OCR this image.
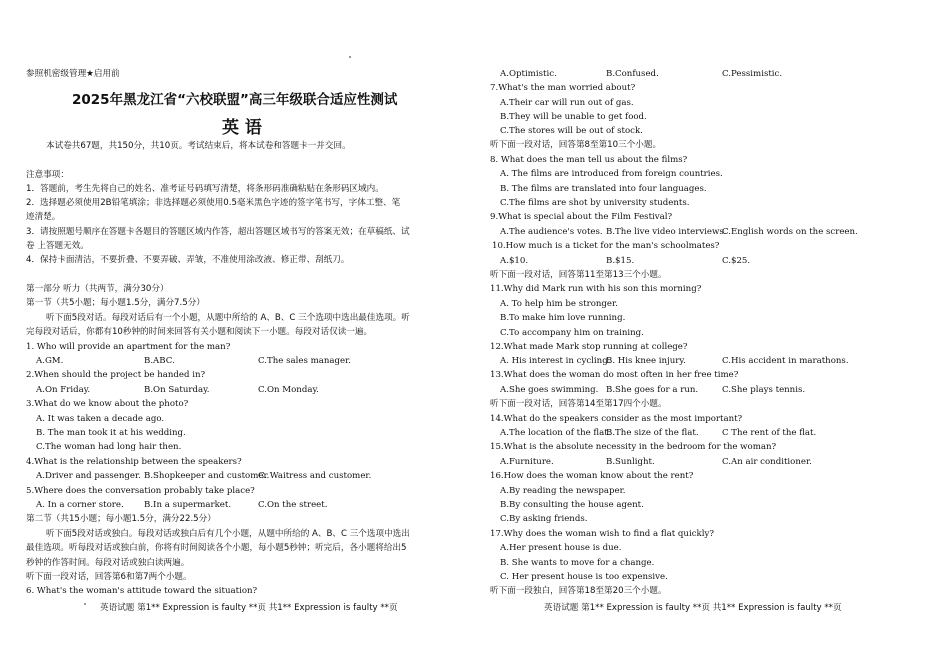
参照机密级管理★启用前
2025年黑龙江省“六校联盟”高三年级联合适应性测试
英 语
本试卷共67题，共150分，共10页。考试结束后，将本试卷和答题卡一并交回。
注意事项：
1．答题前，考生先将自己的姓名、准考证号码填写清楚，将条形码准确粘贴在条形码区域内。
2．选择题必须使用2B铅笔填涂；非选择题必须使用0.5毫米黑色字迹的签字笔书写，字体工整、笔
迹清楚。
3．请按照题号顺序在答题卡各题目的答题区域内作答，超出答题区域书写的答案无效；在草稿纸、试
卷 上答题无效。
4．保持卡面清洁，不要折叠、不要弄破、弄皱，不准使用涂改液、修正带、刮纸刀。
第一部分 听力（共两节，满分30分）
第一节（共5小题；每小题1.5分，满分7.5分）
听下面5段对话。每段对话后有一个小题，从题中所给的 A、B、C 三个选项中选出最佳选项。听
完每段对话后，你都有10秒钟的时间来回答有关小题和阅读下一小题。每段对话仅读一遍。
1. Who will provide an apartment for the man?
A.GM.	B.ABC.	C.The sales manager.
2.When should the project be handed in?
A.On Friday.	B.On Saturday.	C.On Monday.
3.What do we know about the photo?
A. It was taken a decade ago.
B. The man took it at his wedding.
C.The woman had long hair then.
4.What is the relationship between the speakers?
A.Driver and passenger. B.Shopkeeper and customer.
C. Waitress and customer.
5.Where does the conversation probably take place?
A. In a corner store. B.In a supermarket.	C.On the street.
第二节（共15小题；每小题1.5分，满分22.5分）
听下面5段对话或独白。每段对话或独白后有几个小题，从题中所给的 A、B、C 三个选项中选出
最佳选项。听每段对话或独白前，你将有时间阅读各个小题，每小题5秒钟；听完后，各小题将给出5
秒钟的作答时间。每段对话或独白读两遍。
听下面一段对话，回答第6和第7两个小题。
6. What's the woman's attitude toward the situation?
英语试题 第1** Expression is faulty **页 共1** Expression is faulty **页
A.Optimistic.	B.Confused.	C.Pessimistic.
7.What's the man worried about?
A.Their car will run out of gas.
B.They will be unable to get food.
C.The stores will be out of stock.
听下面一段对话，回答第8至第10三个小题。
8. What does the man tell us about the films?
A. The films are introduced from foreign countries.
B. The films are translated into four languages.
C.The films are shot by university students.
9.What is special about the Film Festival?
A.The audience's votes. B.The live video interviews.
C.English words on the screen.
10.How much is a ticket for the man's schoolmates?
A.$10.	B.$15.	C.$25.
听下面一段对话，回答第11至第13三个小题。
11.Why did Mark run with his son this morning?
A. To help him be stronger.
B.To make him love running.
C.To accompany him on training.
12.What made Mark stop running at college?
A. His interest in cycling.
B. His knee injury.	C.His accident in marathons.
13.What does the woman do most often in her free time?
A.She goes swimming. B.She goes for a run.	C.She plays tennis.
听下面一段对话，回答第14至第17四个小题。
14.What do the speakers consider as the most important?
A.The location of the flat.
B.The size of the flat.	C The rent of the flat.
15.What is the absolute necessity in the bedroom for the woman?
A.Furniture.	B.Sunlight.	C.An air conditioner.
16.How does the woman know about the rent?
A.By reading the newspaper.
B.By consulting the house agent.
C.By asking friends.
17.Why does the woman wish to find a flat quickly?
A.Her present house is due.
B. She wants to move for a change.
C. Her present house is too expensive.
听下面一段独白，回答第18至第20三个小题。
英语试题 第1** Expression is faulty **页 共1** Expression is faulty **页
